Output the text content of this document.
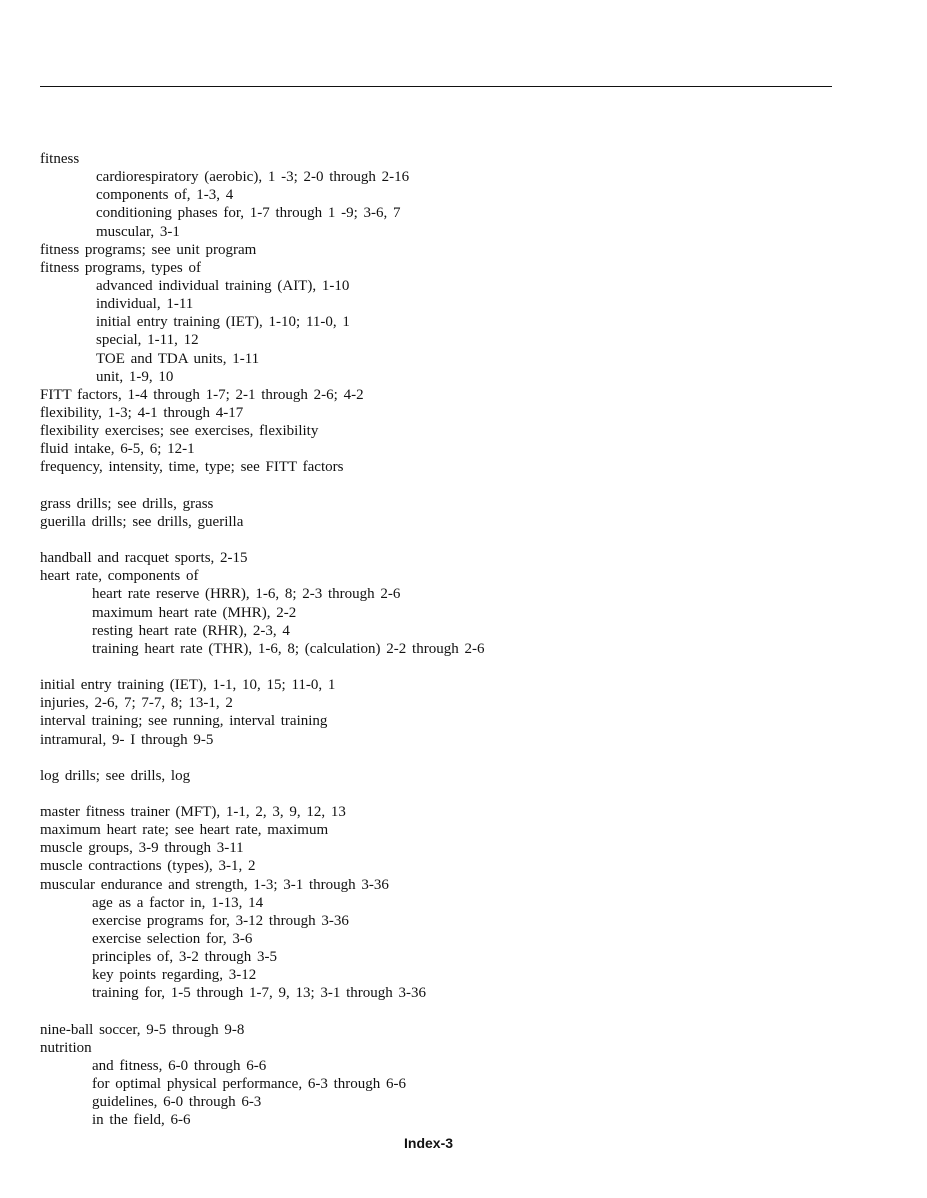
fitness
cardiorespiratory (aerobic), 1 -3; 2-0 through 2-16
components of, 1-3, 4
conditioning phases for, 1-7 through 1 -9; 3-6, 7
muscular, 3-1
fitness programs; see unit program
fitness programs, types of
advanced individual training (AIT), 1-10
individual, 1-11
initial entry training (IET), 1-10; 11-0, 1
special, 1-11, 12
TOE and TDA units, 1-11
unit, 1-9, 10
FITT factors, 1-4 through 1-7; 2-1 through 2-6; 4-2
flexibility, 1-3; 4-1 through 4-17
flexibility exercises; see exercises, flexibility
fluid intake, 6-5, 6; 12-1
frequency, intensity, time, type; see FITT factors
grass drills; see drills, grass
guerilla drills; see drills, guerilla
handball and racquet sports, 2-15
heart rate, components of
heart rate reserve (HRR), 1-6, 8; 2-3 through 2-6
maximum heart rate (MHR), 2-2
resting heart rate (RHR), 2-3, 4
training heart rate (THR), 1-6, 8; (calculation) 2-2 through 2-6
initial entry training (IET), 1-1, 10, 15; 11-0, 1
injuries, 2-6, 7; 7-7, 8; 13-1, 2
interval training; see running, interval training
intramural, 9- I through 9-5
log drills; see drills, log
master fitness trainer (MFT), 1-1, 2, 3, 9, 12, 13
maximum heart rate; see heart rate, maximum
muscle groups, 3-9 through 3-11
muscle contractions (types), 3-1, 2
muscular endurance and strength, 1-3; 3-1 through 3-36
age as a factor in, 1-13, 14
exercise programs for, 3-12 through 3-36
exercise selection for, 3-6
principles of, 3-2 through 3-5
key points regarding, 3-12
training for, 1-5 through 1-7, 9, 13; 3-1 through 3-36
nine-ball soccer, 9-5 through 9-8
nutrition
and fitness, 6-0 through 6-6
for optimal physical performance, 6-3 through 6-6
guidelines, 6-0 through 6-3
in the field, 6-6
Index-3
